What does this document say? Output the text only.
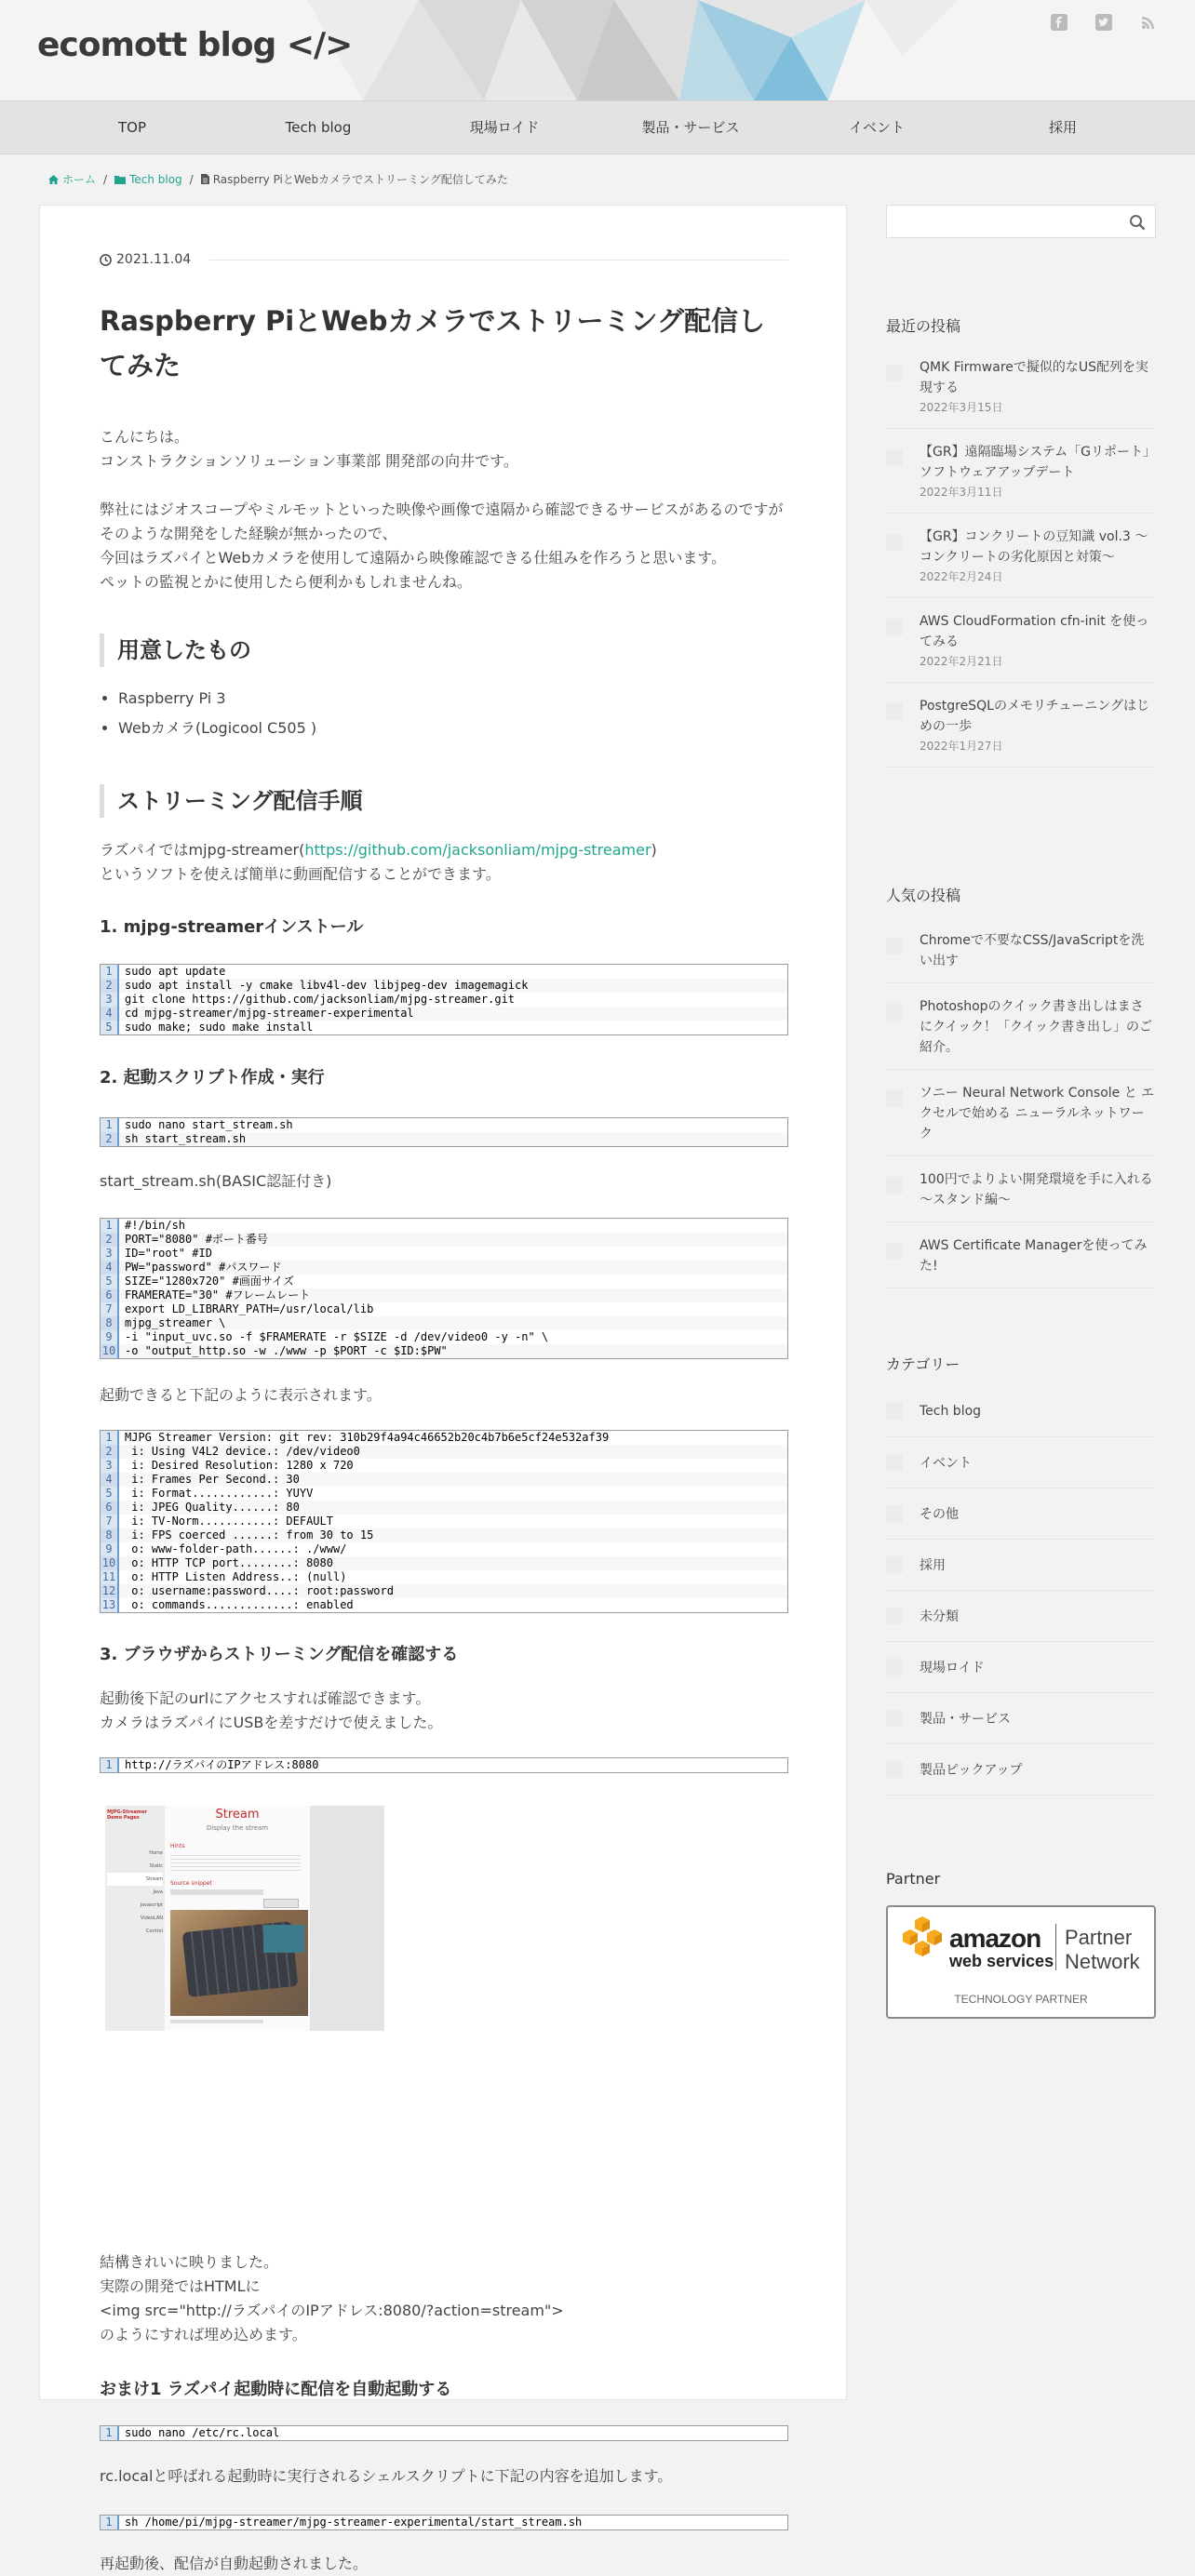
ecomott blog </>
TOP	Tech blog	現場ロイド	製品・サービス	イベント	採用
ホーム / Tech blog / Raspberry PiとWebカメラでストリーミング配信してみた
2021.11.04
Raspberry PiとWebカメラでストリーミング配信してみた
こんにちは。
コンストラクションソリューション事業部 開発部の向井です。
弊社にはジオスコープやミルモットといった映像や画像で遠隔から確認できるサービスがあるのですが
そのような開発をした経験が無かったので、
今回はラズパイとWebカメラを使用して遠隔から映像確認できる仕組みを作ろうと思います。
ペットの監視とかに使用したら便利かもしれませんね。
用意したもの
• Raspberry Pi 3
• Webカメラ(Logicool C505 )
ストリーミング配信手順
ラズパイではmjpg-streamer(https://github.com/jacksonliam/mjpg-streamer)
というソフトを使えば簡単に動画配信することができます。
1. mjpg-streamerインストール
1	sudo apt update
2	sudo apt install -y cmake libv4l-dev libjpeg-dev imagemagick
3	git clone https://github.com/jacksonliam/mjpg-streamer.git
4	cd mjpg-streamer/mjpg-streamer-experimental
5	sudo make; sudo make install
2. 起動スクリプト作成・実行
1	sudo nano start_stream.sh
2	sh start_stream.sh
start_stream.sh(BASIC認証付き)
1	#!/bin/sh
2	PORT="8080" #ポート番号
3	ID="root" #ID
4	PW="password" #パスワード
5	SIZE="1280x720" #画面サイズ
6	FRAMERATE="30" #フレームレート
7	export LD_LIBRARY_PATH=/usr/local/lib
8	mjpg_streamer \
9	-i "input_uvc.so -f $FRAMERATE -r $SIZE -d /dev/video0 -y -n" \
10 -o "output_http.so -w ./www -p $PORT -c $ID:$PW"
起動できると下記のように表示されます。
1	MJPG Streamer Version: git rev: 310b29f4a94c46652b20c4b7b6e5cf24e532af39
2	i: Using V4L2 device.: /dev/video0
3	i: Desired Resolution: 1280 x 720
4	i: Frames Per Second.: 30
5	i: Format............: YUYV
6	i: JPEG Quality......: 80
7	i: TV-Norm...........: DEFAULT
8	i: FPS coerced ......: from 30 to 15
9	o: www-folder-path......: ./www/
10 o: HTTP TCP port........: 8080
11 o: HTTP Listen Address..: (null)
12 o: username:password....: root:password
13 o: commands.............: enabled
3. ブラウザからストリーミング配信を確認する
起動後下記のurlにアクセスすれば確認できます。
カメラはラズパイにUSBを差すだけで使えました。
1	http://ラズパイのIPアドレス:8080
MJPG-Streamer Demo Pages
Home
Static
Stream
Java
Javascript
VideoLAN
Control
Stream
Display the stream
Hints
Source snippet
結構きれいに映りました。
実際の開発ではHTMLに
<img src="http://ラズパイのIPアドレス:8080/?action=stream">
のようにすれば埋め込めます。
おまけ1 ラズパイ起動時に配信を自動起動する
1	sudo nano /etc/rc.local
rc.localと呼ばれる起動時に実行されるシェルスクリプトに下記の内容を追加します。
1	sh /home/pi/mjpg-streamer/mjpg-streamer-experimental/start_stream.sh
再起動後、配信が自動起動されました。
最近の投稿
QMK Firmwareで擬似的なUS配列を実現する
2022年3月15日
【GR】遠隔臨場システム「Gリポート」ソフトウェアアップデート
2022年3月11日
【GR】コンクリートの豆知識 vol.3 ～コンクリートの劣化原因と対策～
2022年2月24日
AWS CloudFormation cfn-init を使ってみる
2022年2月21日
PostgreSQLのメモリチューニングはじめの一歩
2022年1月27日
人気の投稿
Chromeで不要なCSS/JavaScriptを洗い出す
Photoshopのクイック書き出しはまさにクイック！「クイック書き出し」のご紹介。
ソニー Neural Network Console と エクセルで始める ニューラルネットワーク
100円でよりよい開発環境を手に入れる～スタンド編～
AWS Certificate Managerを使ってみた!
カテゴリー
Tech blog
イベント
その他
採用
未分類
現場ロイド
製品・サービス
製品ピックアップ
Partner
amazon
web services
Partner
Network
TECHNOLOGY PARTNER
